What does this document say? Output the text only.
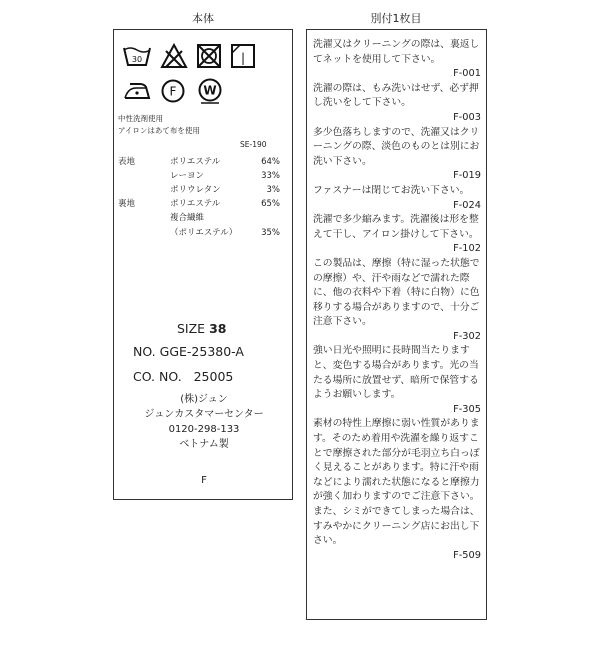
本体	別付1枚目
30	|
F W
中性洗剤使用
アイロンはあて布を使用
SE-190
表地	ポリエステル	64%
レーヨン	33%
ポリウレタン	3%
裏地	ポリエステル	65%
複合繊維
（ポリエステル）	35%
SIZE 38
NO. GGE-25380-A
CO. NO.   25005
(株)ジュン
ジュンカスタマーセンター
0120-298-133
ベトナム製
F

洗濯又はクリーニングの際は、裏返してネットを使用して下さい。

F-001

洗濯の際は、もみ洗いはせず、必ず押し洗いをして下さい。

F-003

多少色落ちしますので、洗濯又はクリーニングの際、淡色のものとは別にお洗い下さい。

F-019

ファスナーは閉じてお洗い下さい。

F-024

洗濯で多少縮みます。洗濯後は形を整えて干し、アイロン掛けして下さい。

F-102

この製品は、摩擦（特に湿った状態での摩擦）や、汗や雨などで濡れた際に、他の衣料や下着（特に白物）に色移りする場合がありますので、十分ご注意下さい。

F-302

強い日光や照明に長時間当たりますと、変色する場合があります。光の当たる場所に放置せず、暗所で保管するようお願いします。

F-305

素材の特性上摩擦に弱い性質があります。そのため着用や洗濯を繰り返すことで摩擦された部分が毛羽立ち白っぽく見えることがあります。特に汗や雨などにより濡れた状態になると摩擦力が強く加わりますのでご注意下さい。また、シミができてしまった場合は、すみやかにクリーニング店にお出し下さい。

F-509
